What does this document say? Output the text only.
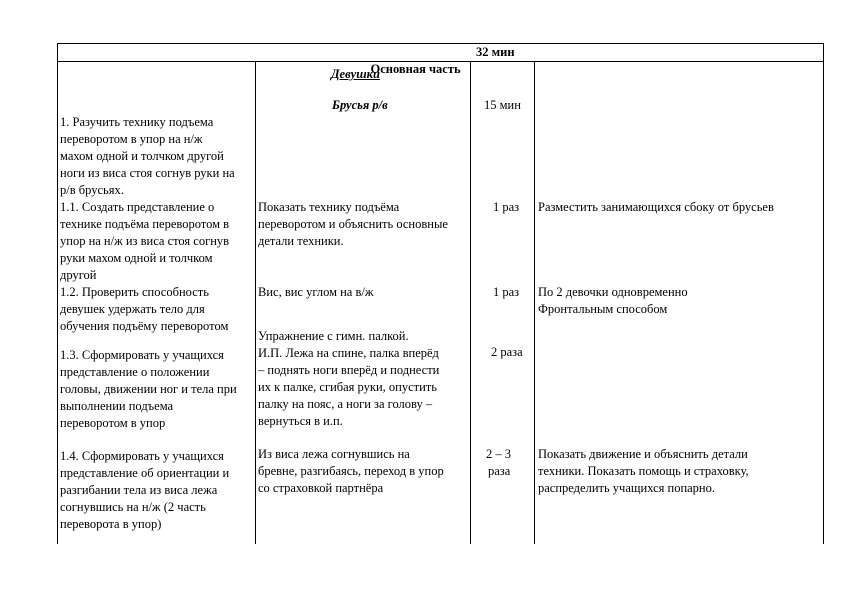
Основная часть

32 мин
Девушки
Брусья р/в	15 мин
1. Разучить технику подъема
переворотом в упор на н/ж
махом одной и толчком другой
ноги из виса стоя согнув руки на
р/в брусьях.
1.1. Создать представление о
технике подъёма переворотом в
упор на н/ж из виса стоя согнув
руки махом одной и толчком
другой
Показать технику подъёма
переворотом и объяснить основные
детали техники.
1 раз Разместить занимающихся сбоку от брусьев
1.2. Проверить способность
девушек удержать тело для
обучения подъёму переворотом
Вис, вис углом на в/ж	1 раз По 2 девочки одновременно
Фронтальным способом
Упражнение с гимн. палкой.
И.П. Лежа на спине, палка вперёд
– поднять ноги вперёд и поднести
их к палке, сгибая руки, опустить
палку на пояс, а ноги за голову –
вернуться в и.п.
1.3. Сформировать у учащихся
представление о положении
головы, движении ног и тела при
выполнении подъема
переворотом в упор
2 раза
1.4. Сформировать у учащихся
представление об ориентации и
разгибании тела из виса лежа
согнувшись на н/ж (2 часть
переворота в упор)
Из виса лежа согнувшись на
бревне, разгибаясь, переход в упор
со страховкой партнёра
2 – 3
раза
Показать движение и объяснить детали
техники. Показать помощь и страховку,
распределить учащихся попарно.
